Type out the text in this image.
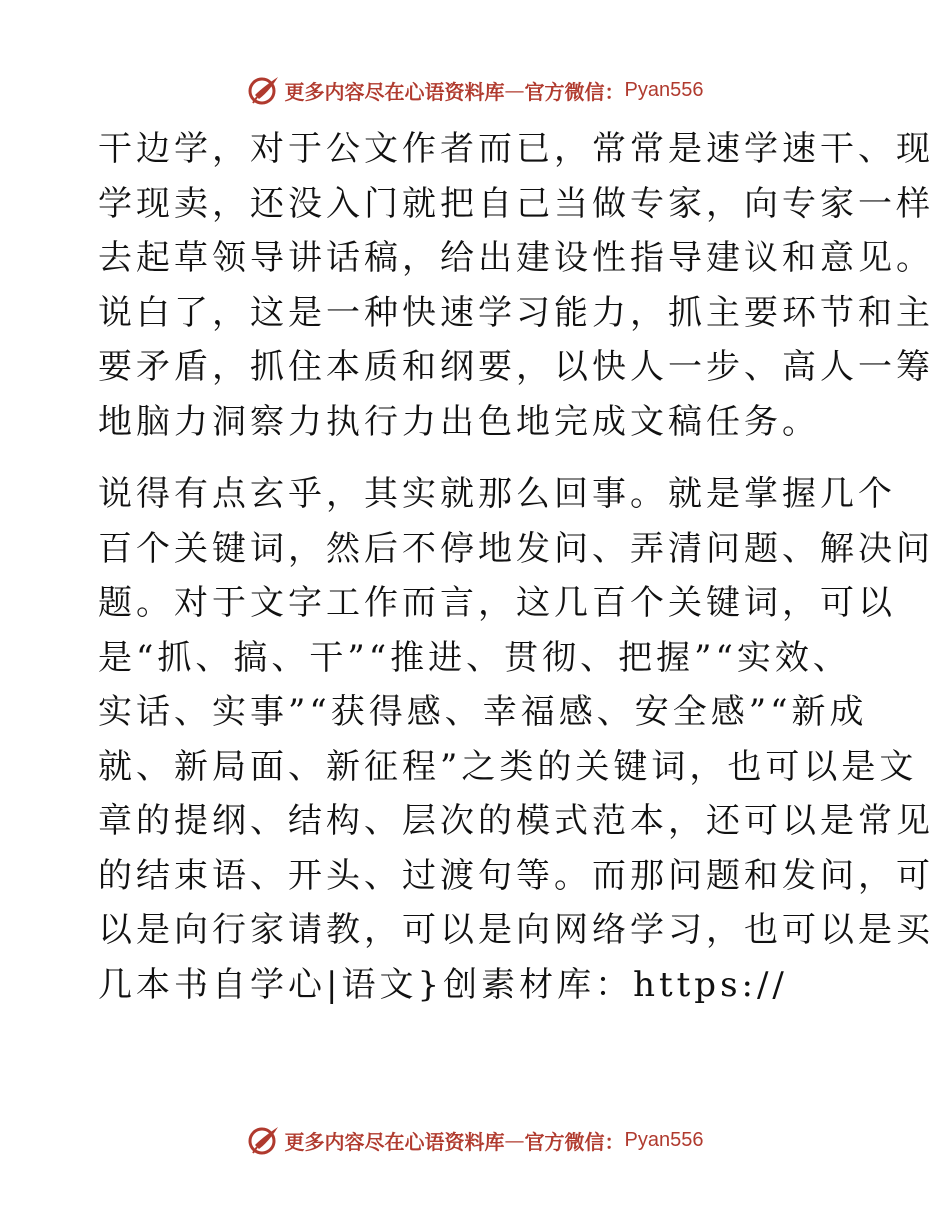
更多内容尽在心语资料库 — 官方微信： Pyan556

干边学，对于公文作者而已，常常是速学速干、现
学现卖，还没入门就把自己当做专家，向专家一样
去起草领导讲话稿，给出建设性指导建议和意见。
说白了，这是一种快速学习能力，抓主要环节和主
要矛盾，抓住本质和纲要，以快人一步、高人一筹
地脑力洞察力执行力出色地完成文稿任务。

说得有点玄乎，其实就那么回事。就是掌握几个
百个关键词，然后不停地发问、弄清问题、解决问
题。对于文字工作而言，这几百个关键词，可以
是“抓、搞、干”“推进、贯彻、把握”“实效、
实话、实事”“获得感、幸福感、安全感”“新成
就、新局面、新征程”之类的关键词，也可以是文
章的提纲、结构、层次的模式范本，还可以是常见
的结束语、开头、过渡句等。而那问题和发问，可
以是向行家请教，可以是向网络学习，也可以是买
几本书自学心|语文}创素材库：https://

更多内容尽在心语资料库 — 官方微信： Pyan556
